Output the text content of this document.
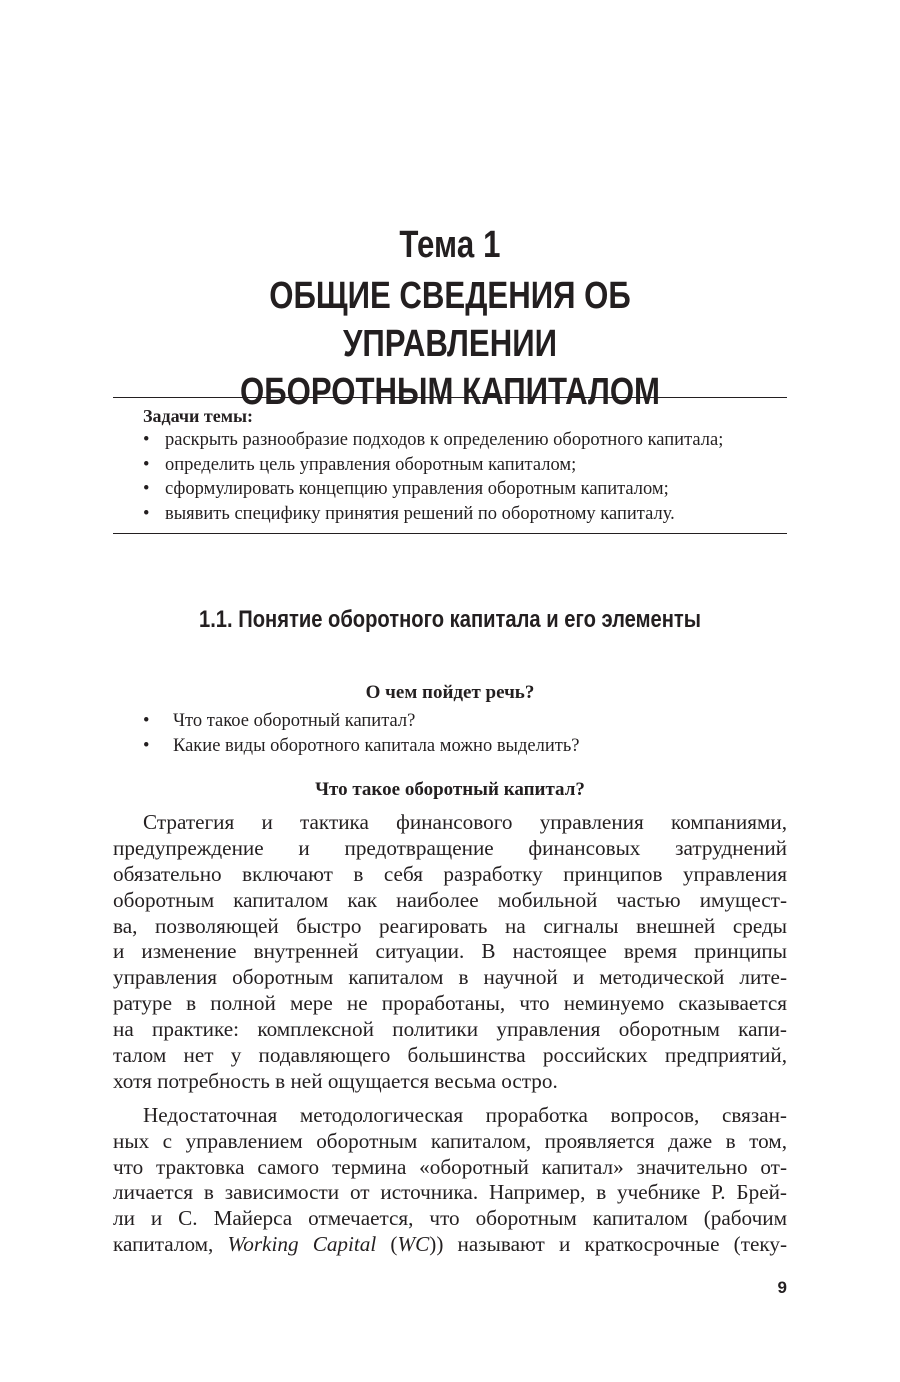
Тема 1
ОБЩИЕ СВЕДЕНИЯ ОБ УПРАВЛЕНИИ
ОБОРОТНЫМ КАПИТАЛОМ
Задачи темы:
• раскрыть разнообразие подходов к определению оборотного капитала;
• определить цель управления оборотным капиталом;
• сформулировать концепцию управления оборотным капиталом;
• выявить специфику принятия решений по оборотному капиталу.
1.1. Понятие оборотного капитала и его элементы
О чем пойдет речь?
• Что такое оборотный капитал?
• Какие виды оборотного капитала можно выделить?
Что такое оборотный капитал?
Стратегия и тактика финансового управления компаниями,
предупреждение и предотвращение финансовых затруднений
обязательно включают в себя разработку принципов управления
оборотным капиталом как наиболее мобильной частью имущест-
ва, позволяющей быстро реагировать на сигналы внешней среды
и изменение внутренней ситуации. В настоящее время принципы
управления оборотным капиталом в научной и методической лите-
ратуре в полной мере не проработаны, что неминуемо сказывается
на практике: комплексной политики управления оборотным капи-
талом нет у подавляющего большинства российских предприятий,
хотя потребность в ней ощущается весьма остро.
Недостаточная методологическая проработка вопросов, связан-
ных с управлением оборотным капиталом, проявляется даже в том,
что трактовка самого термина «оборотный капитал» значительно от-
личается в зависимости от источника. Например, в учебнике Р. Брей-
ли и С. Майерса отмечается, что оборотным капиталом (рабочим
капиталом, Working Capital (WC)) называют и краткосрочные (теку-
9
